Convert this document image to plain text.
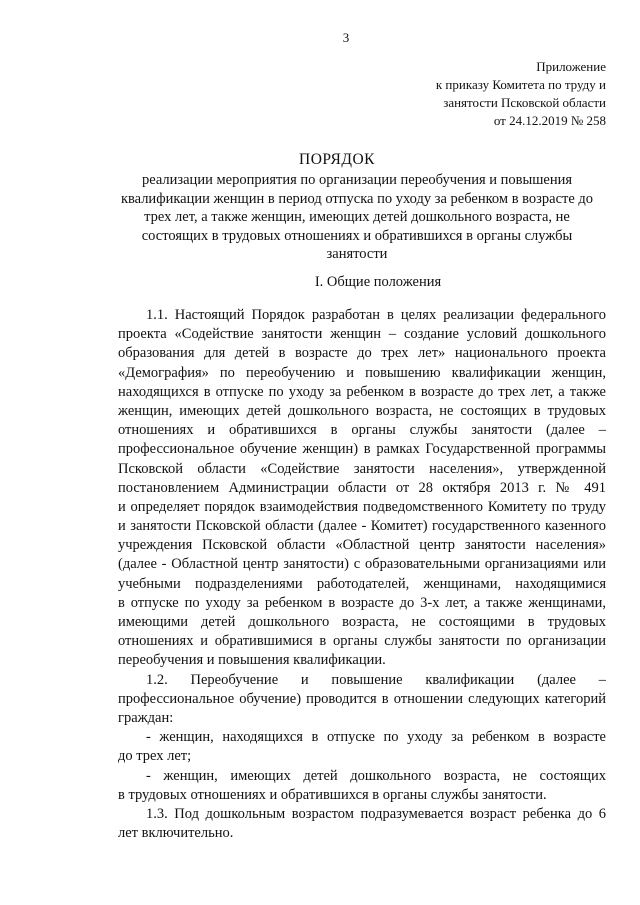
3
Приложение
к приказу Комитета по труду и
занятости Псковской области
от 24.12.2019 № 258
ПОРЯДОК
реализации мероприятия по организации переобучения и повышения
квалификации женщин в период отпуска по уходу за ребенком в возрасте до
трех лет, а также женщин, имеющих детей дошкольного возраста, не
состоящих в трудовых отношениях и обратившихся в органы службы
занятости
I. Общие положения
1.1. Настоящий Порядок разработан в целях реализации федерального
проекта «Содействие занятости женщин – создание условий дошкольного
образования для детей в возрасте до трех лет» национального проекта
«Демография» по переобучению и повышению квалификации женщин,
находящихся в отпуске по уходу за ребенком в возрасте до трех лет, а также
женщин, имеющих детей дошкольного возраста, не состоящих в трудовых
отношениях и обратившихся в органы службы занятости (далее –
профессиональное обучение женщин) в рамках Государственной программы
Псковской области «Содействие занятости населения», утвержденной
постановлением Администрации области от 28 октября 2013 г. № 491
и определяет порядок взаимодействия подведомственного Комитету по труду
и занятости Псковской области (далее - Комитет) государственного казенного
учреждения Псковской области «Областной центр занятости населения»
(далее - Областной центр занятости) с образовательными организациями или
учебными подразделениями работодателей, женщинами, находящимися
в отпуске по уходу за ребенком в возрасте до 3-х лет, а также женщинами,
имеющими детей дошкольного возраста, не состоящими в трудовых
отношениях и обратившимися в органы службы занятости по организации
переобучения и повышения квалификации.
1.2. Переобучение и повышение квалификации (далее –
профессиональное обучение) проводится в отношении следующих категорий
граждан:
- женщин, находящихся в отпуске по уходу за ребенком в возрасте
до трех лет;
- женщин, имеющих детей дошкольного возраста, не состоящих
в трудовых отношениях и обратившихся в органы службы занятости.
1.3. Под дошкольным возрастом подразумевается возраст ребенка до 6
лет включительно.
